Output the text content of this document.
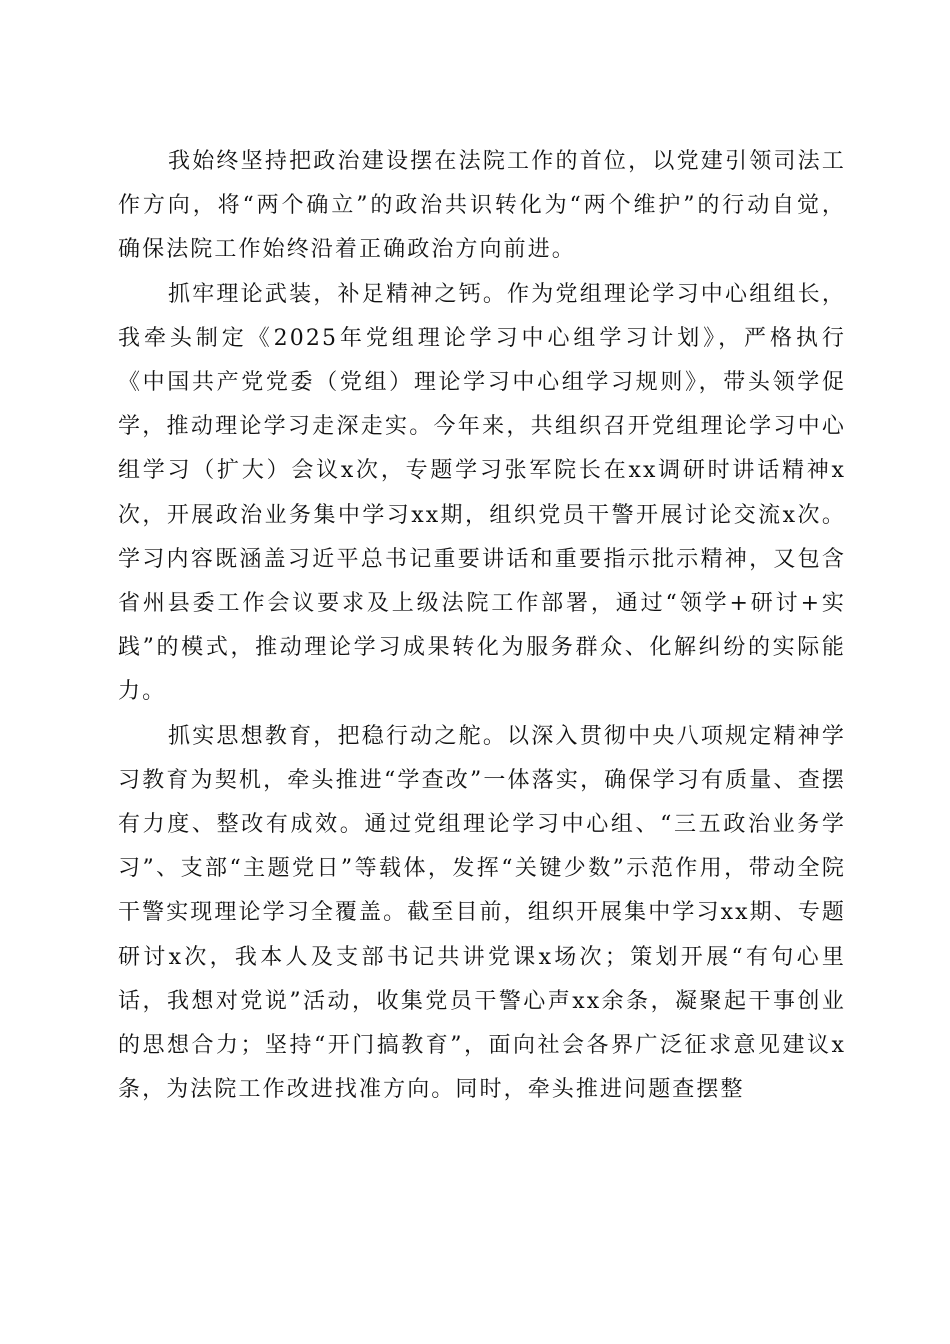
我始终坚持把政治建设摆在法院工作的首位，以党建引领司法工作方向，将“两个确立”的政治共识转化为“两个维护”的行动自觉，确保法院工作始终沿着正确政治方向前进。

抓牢理论武装，补足精神之钙。作为党组理论学习中心组组长，我牵头制定《2025年党组理论学习中心组学习计划》，严格执行《中国共产党党委（党组）理论学习中心组学习规则》，带头领学促学，推动理论学习走深走实。今年来，共组织召开党组理论学习中心组学习（扩大）会议x次，专题学习张军院长在xx调研时讲话精神x次，开展政治业务集中学习xx期，组织党员干警开展讨论交流x次。学习内容既涵盖习近平总书记重要讲话和重要指示批示精神，又包含省州县委工作会议要求及上级法院工作部署，通过“领学+研讨+实践”的模式，推动理论学习成果转化为服务群众、化解纠纷的实际能力。

抓实思想教育，把稳行动之舵。以深入贯彻中央八项规定精神学习教育为契机，牵头推进“学查改”一体落实，确保学习有质量、查摆有力度、整改有成效。通过党组理论学习中心组、“三五政治业务学习”、支部“主题党日”等载体，发挥“关键少数”示范作用，带动全院干警实现理论学习全覆盖。截至目前，组织开展集中学习xx期、专题研讨x次，我本人及支部书记共讲党课x场次；策划开展“有句心里话，我想对党说”活动，收集党员干警心声xx余条，凝聚起干事创业的思想合力；坚持“开门搞教育”，面向社会各界广泛征求意见建议x条，为法院工作改进找准方向。同时，牵头推进问题查摆整
